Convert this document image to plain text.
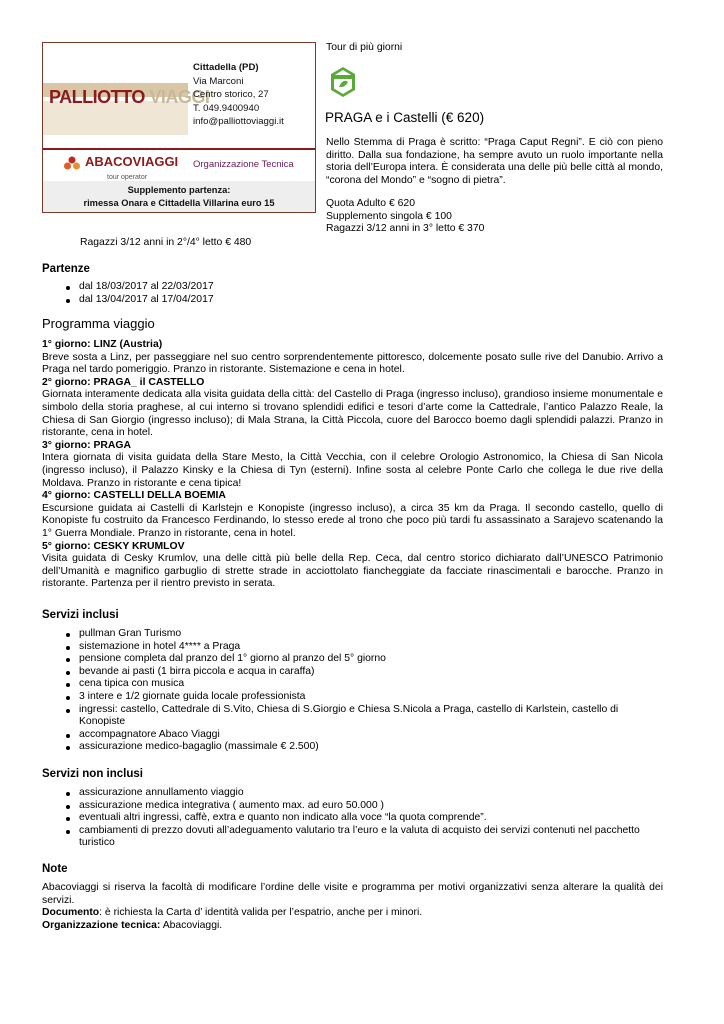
PALLIOTTO VIAGGI
Cittadella (PD)
Via Marconi
Centro storico, 27
T. 049.9400940
info@palliottoviaggi.it
ABACOVIAGGI
tour operator
Organizzazione Tecnica
Supplemento partenza:
rimessa Onara e Cittadella Villarina euro 15
Tour di più giorni
PRAGA e i Castelli (€ 620)
Nello Stemma di Praga è scritto: “Praga Caput Regni”. E ciò con pieno diritto. Dalla sua fondazione, ha sempre avuto un ruolo importante nella storia dell’Europa intera. È considerata una delle più belle città al mondo, “corona del Mondo” e “sogno di pietra”.
Quota Adulto € 620
Supplemento singola € 100
Ragazzi 3/12 anni in 3° letto € 370
Ragazzi 3/12 anni in 2°/4° letto € 480
Partenze
dal 18/03/2017 al 22/03/2017
dal 13/04/2017 al 17/04/2017
Programma viaggio
1° giorno: LINZ (Austria)
Breve sosta a Linz, per passeggiare nel suo centro sorprendentemente pittoresco, dolcemente posato sulle rive del Danubio. Arrivo a Praga nel tardo pomeriggio. Pranzo in ristorante. Sistemazione e cena in hotel.
2° giorno: PRAGA_ il CASTELLO
Giornata interamente dedicata alla visita guidata della città: del Castello di Praga (ingresso incluso), grandioso insieme monumentale e simbolo della storia praghese, al cui interno si trovano splendidi edifici e tesori d’arte come la Cattedrale, l’antico Palazzo Reale, la Chiesa di San Giorgio (ingresso incluso); di Mala Strana, la Città Piccola, cuore del Barocco boemo dagli splendidi palazzi. Pranzo in ristorante, cena in hotel.
3° giorno: PRAGA
Intera giornata di visita guidata della Stare Mesto, la Città Vecchia, con il celebre Orologio Astronomico, la Chiesa di San Nicola (ingresso incluso), il Palazzo Kinsky e la Chiesa di Tyn (esterni). Infine sosta al celebre Ponte Carlo che collega le due rive della Moldava. Pranzo in ristorante e cena tipica!
4° giorno: CASTELLI DELLA BOEMIA
Escursione guidata ai Castelli di Karlstejn e Konopiste (ingresso incluso), a circa 35 km da Praga. Il secondo castello, quello di Konopiste fu costruito da Francesco Ferdinando, lo stesso erede al trono che poco più tardi fu assassinato a Sarajevo scatenando la 1° Guerra Mondiale. Pranzo in ristorante, cena in hotel.
5° giorno: CESKY KRUMLOV
Visita guidata di Cesky Krumlov, una delle città più belle della Rep. Ceca, dal centro storico dichiarato dall’UNESCO Patrimonio dell’Umanità e magnifico garbuglio di strette strade in acciottolato fiancheggiate da facciate rinascimentali e barocche. Pranzo in ristorante. Partenza per il rientro previsto in serata.
Servizi inclusi
pullman Gran Turismo
sistemazione in hotel 4**** a Praga
pensione completa dal pranzo del 1° giorno al pranzo del 5° giorno
bevande ai pasti (1 birra piccola e acqua in caraffa)
cena tipica con musica
3 intere e 1/2 giornate guida locale professionista
ingressi: castello, Cattedrale di S.Vito, Chiesa di S.Giorgio e Chiesa S.Nicola a Praga, castello di Karlstein, castello di Konopiste
accompagnatore Abaco Viaggi
assicurazione medico-bagaglio (massimale € 2.500)
Servizi non inclusi
assicurazione annullamento viaggio
assicurazione medica integrativa ( aumento max. ad euro 50.000 )
eventuali altri ingressi, caffè, extra e quanto non indicato alla voce “la quota comprende”.
cambiamenti di prezzo dovuti all’adeguamento valutario tra l’euro e la valuta di acquisto dei servizi contenuti nel pacchetto turistico
Note
Abacoviaggi si riserva la facoltà di modificare l’ordine delle visite e programma per motivi organizzativi senza alterare la qualità dei servizi.
Documento: è richiesta la Carta d’ identità valida per l’espatrio, anche per i minori.
Organizzazione tecnica: Abacoviaggi.
